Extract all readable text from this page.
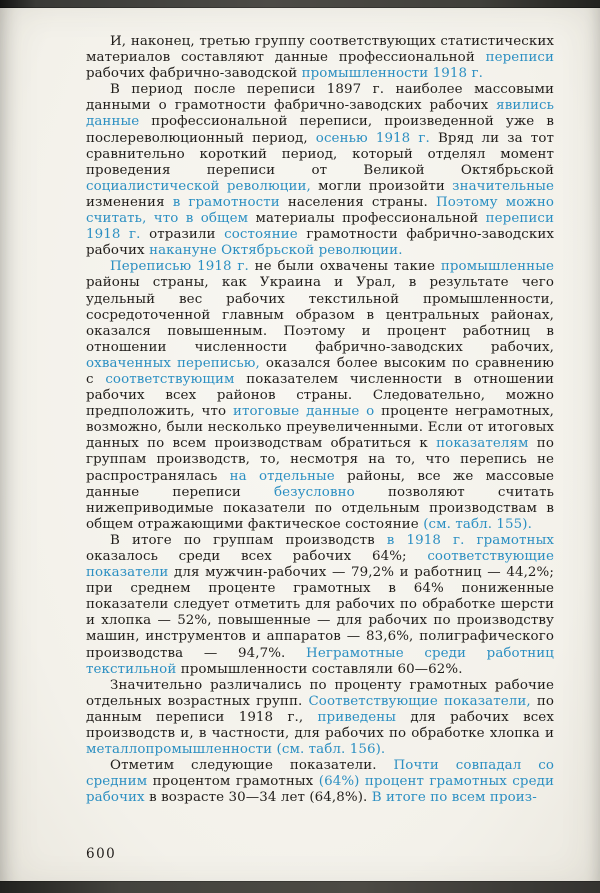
И, наконец, третью группу соответствующих статистических материалов составляют данные профессиональной переписи рабочих фабрично-заводской промышленности 1918 г.

В период после переписи 1897 г. наиболее массовыми данными о грамотности фабрично-заводских рабочих явились данные профессиональной переписи, произведенной уже в послереволюционный период, осенью 1918 г. Вряд ли за тот сравнительно короткий период, который отделял момент проведения переписи от Великой Октябрьской социалистической революции, могли произойти значительные изменения в грамотности населения страны. Поэтому можно считать, что в общем материалы профессиональной переписи 1918 г. отразили состояние грамотности фабрично-заводских рабочих накануне Октябрьской революции.

Переписью 1918 г. не были охвачены такие промышленные районы страны, как Украина и Урал, в результате чего удельный вес рабочих текстильной промышленности, сосредоточенной главным образом в центральных районах, оказался повышенным. Поэтому и процент работниц в отношении численности фабрично-заводских рабочих, охваченных переписью, оказался более высоким по сравнению с соответствующим показателем численности в отношении рабочих всех районов страны. Следовательно, можно предположить, что итоговые данные о проценте неграмотных, возможно, были несколько преувеличенными. Если от итоговых данных по всем производствам обратиться к показателям по группам производств, то, несмотря на то, что перепись не распространялась на отдельные районы, все же массовые данные переписи безусловно позволяют считать нижеприводимые показатели по отдельным производствам в общем отражающими фактическое состояние (см. табл. 155).

В итоге по группам производств в 1918 г. грамотных оказалось среди всех рабочих 64%; соответствующие показатели для мужчин-рабочих — 79,2% и работниц — 44,2%; при среднем проценте грамотных в 64% пониженные показатели следует отметить для рабочих по обработке шерсти и хлопка — 52%, повышенные — для рабочих по производству машин, инструментов и аппаратов — 83,6%, полиграфического производства — 94,7%. Неграмотные среди работниц текстильной промышленности составляли 60—62%.

Значительно различались по проценту грамотных рабочие отдельных возрастных групп. Соответствующие показатели, по данным переписи 1918 г., приведены для рабочих всех производств и, в частности, для рабочих по обработке хлопка и металлопромышленности (см. табл. 156).

Отметим следующие показатели. Почти совпадал со средним процентом грамотных (64%) процент грамотных среди рабочих в возрасте 30—34 лет (64,8%). В итоге по всем произ-

600
